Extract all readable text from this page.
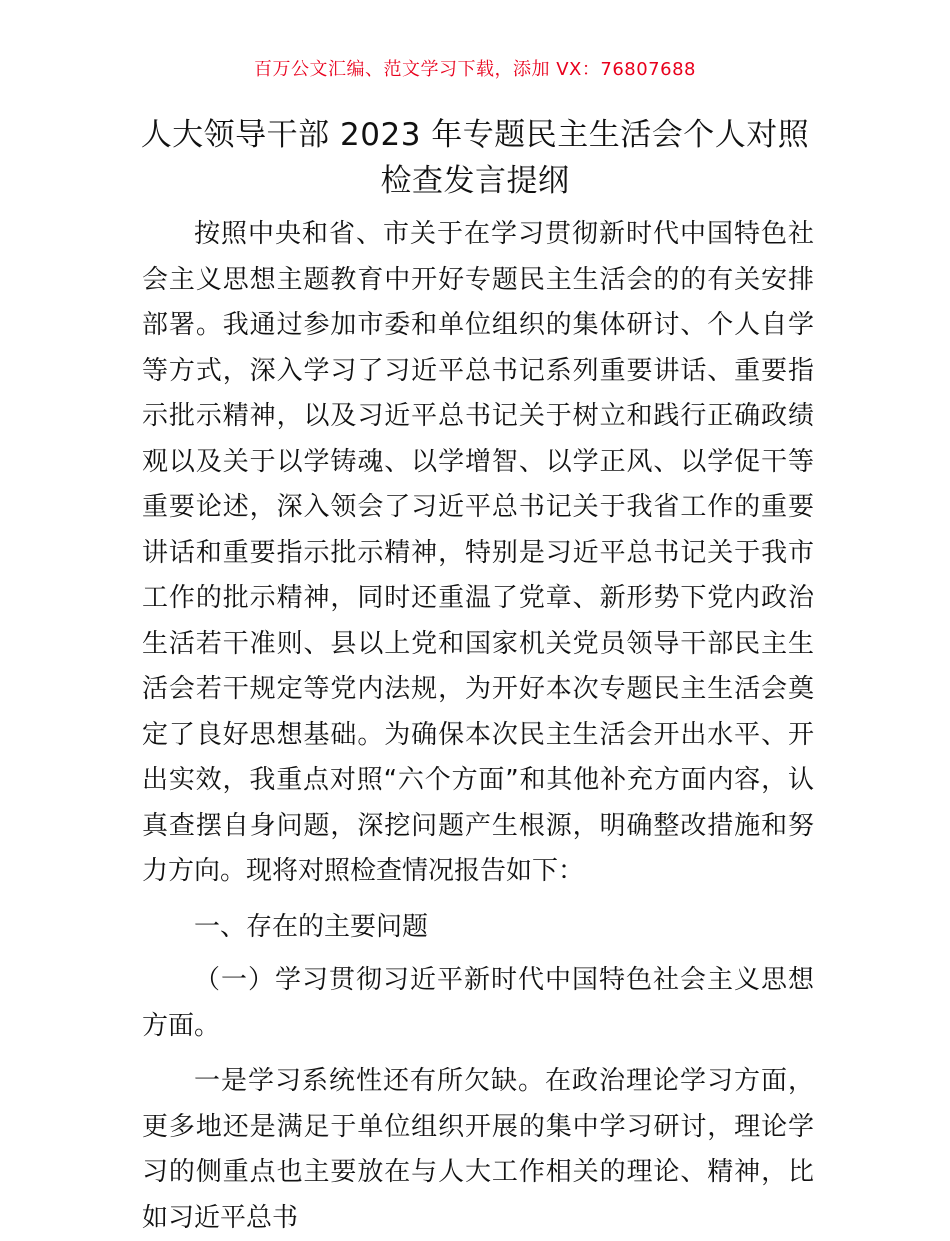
百万公文汇编、范文学习下载，添加 VX：76807688
人大领导干部 2023 年专题民主生活会个人对照
检查发言提纲

按照中央和省、市关于在学习贯彻新时代中国特色社会主义思想主题教育中开好专题民主生活会的的有关安排部署。我通过参加市委和单位组织的集体研讨、个人自学等方式，深入学习了习近平总书记系列重要讲话、重要指示批示精神，以及习近平总书记关于树立和践行正确政绩观以及关于以学铸魂、以学增智、以学正风、以学促干等重要论述，深入领会了习近平总书记关于我省工作的重要讲话和重要指示批示精神，特别是习近平总书记关于我市工作的批示精神，同时还重温了党章、新形势下党内政治生活若干准则、县以上党和国家机关党员领导干部民主生活会若干规定等党内法规，为开好本次专题民主生活会奠定了良好思想基础。为确保本次民主生活会开出水平、开出实效，我重点对照“六个方面”和其他补充方面内容，认真查摆自身问题，深挖问题产生根源，明确整改措施和努力方向。现将对照检查情况报告如下：

一、存在的主要问题

（一）学习贯彻习近平新时代中国特色社会主义思想方面。

一是学习系统性还有所欠缺。在政治理论学习方面，更多地还是满足于单位组织开展的集中学习研讨，理论学习的侧重点也主要放在与人大工作相关的理论、精神，比如习近平总书
